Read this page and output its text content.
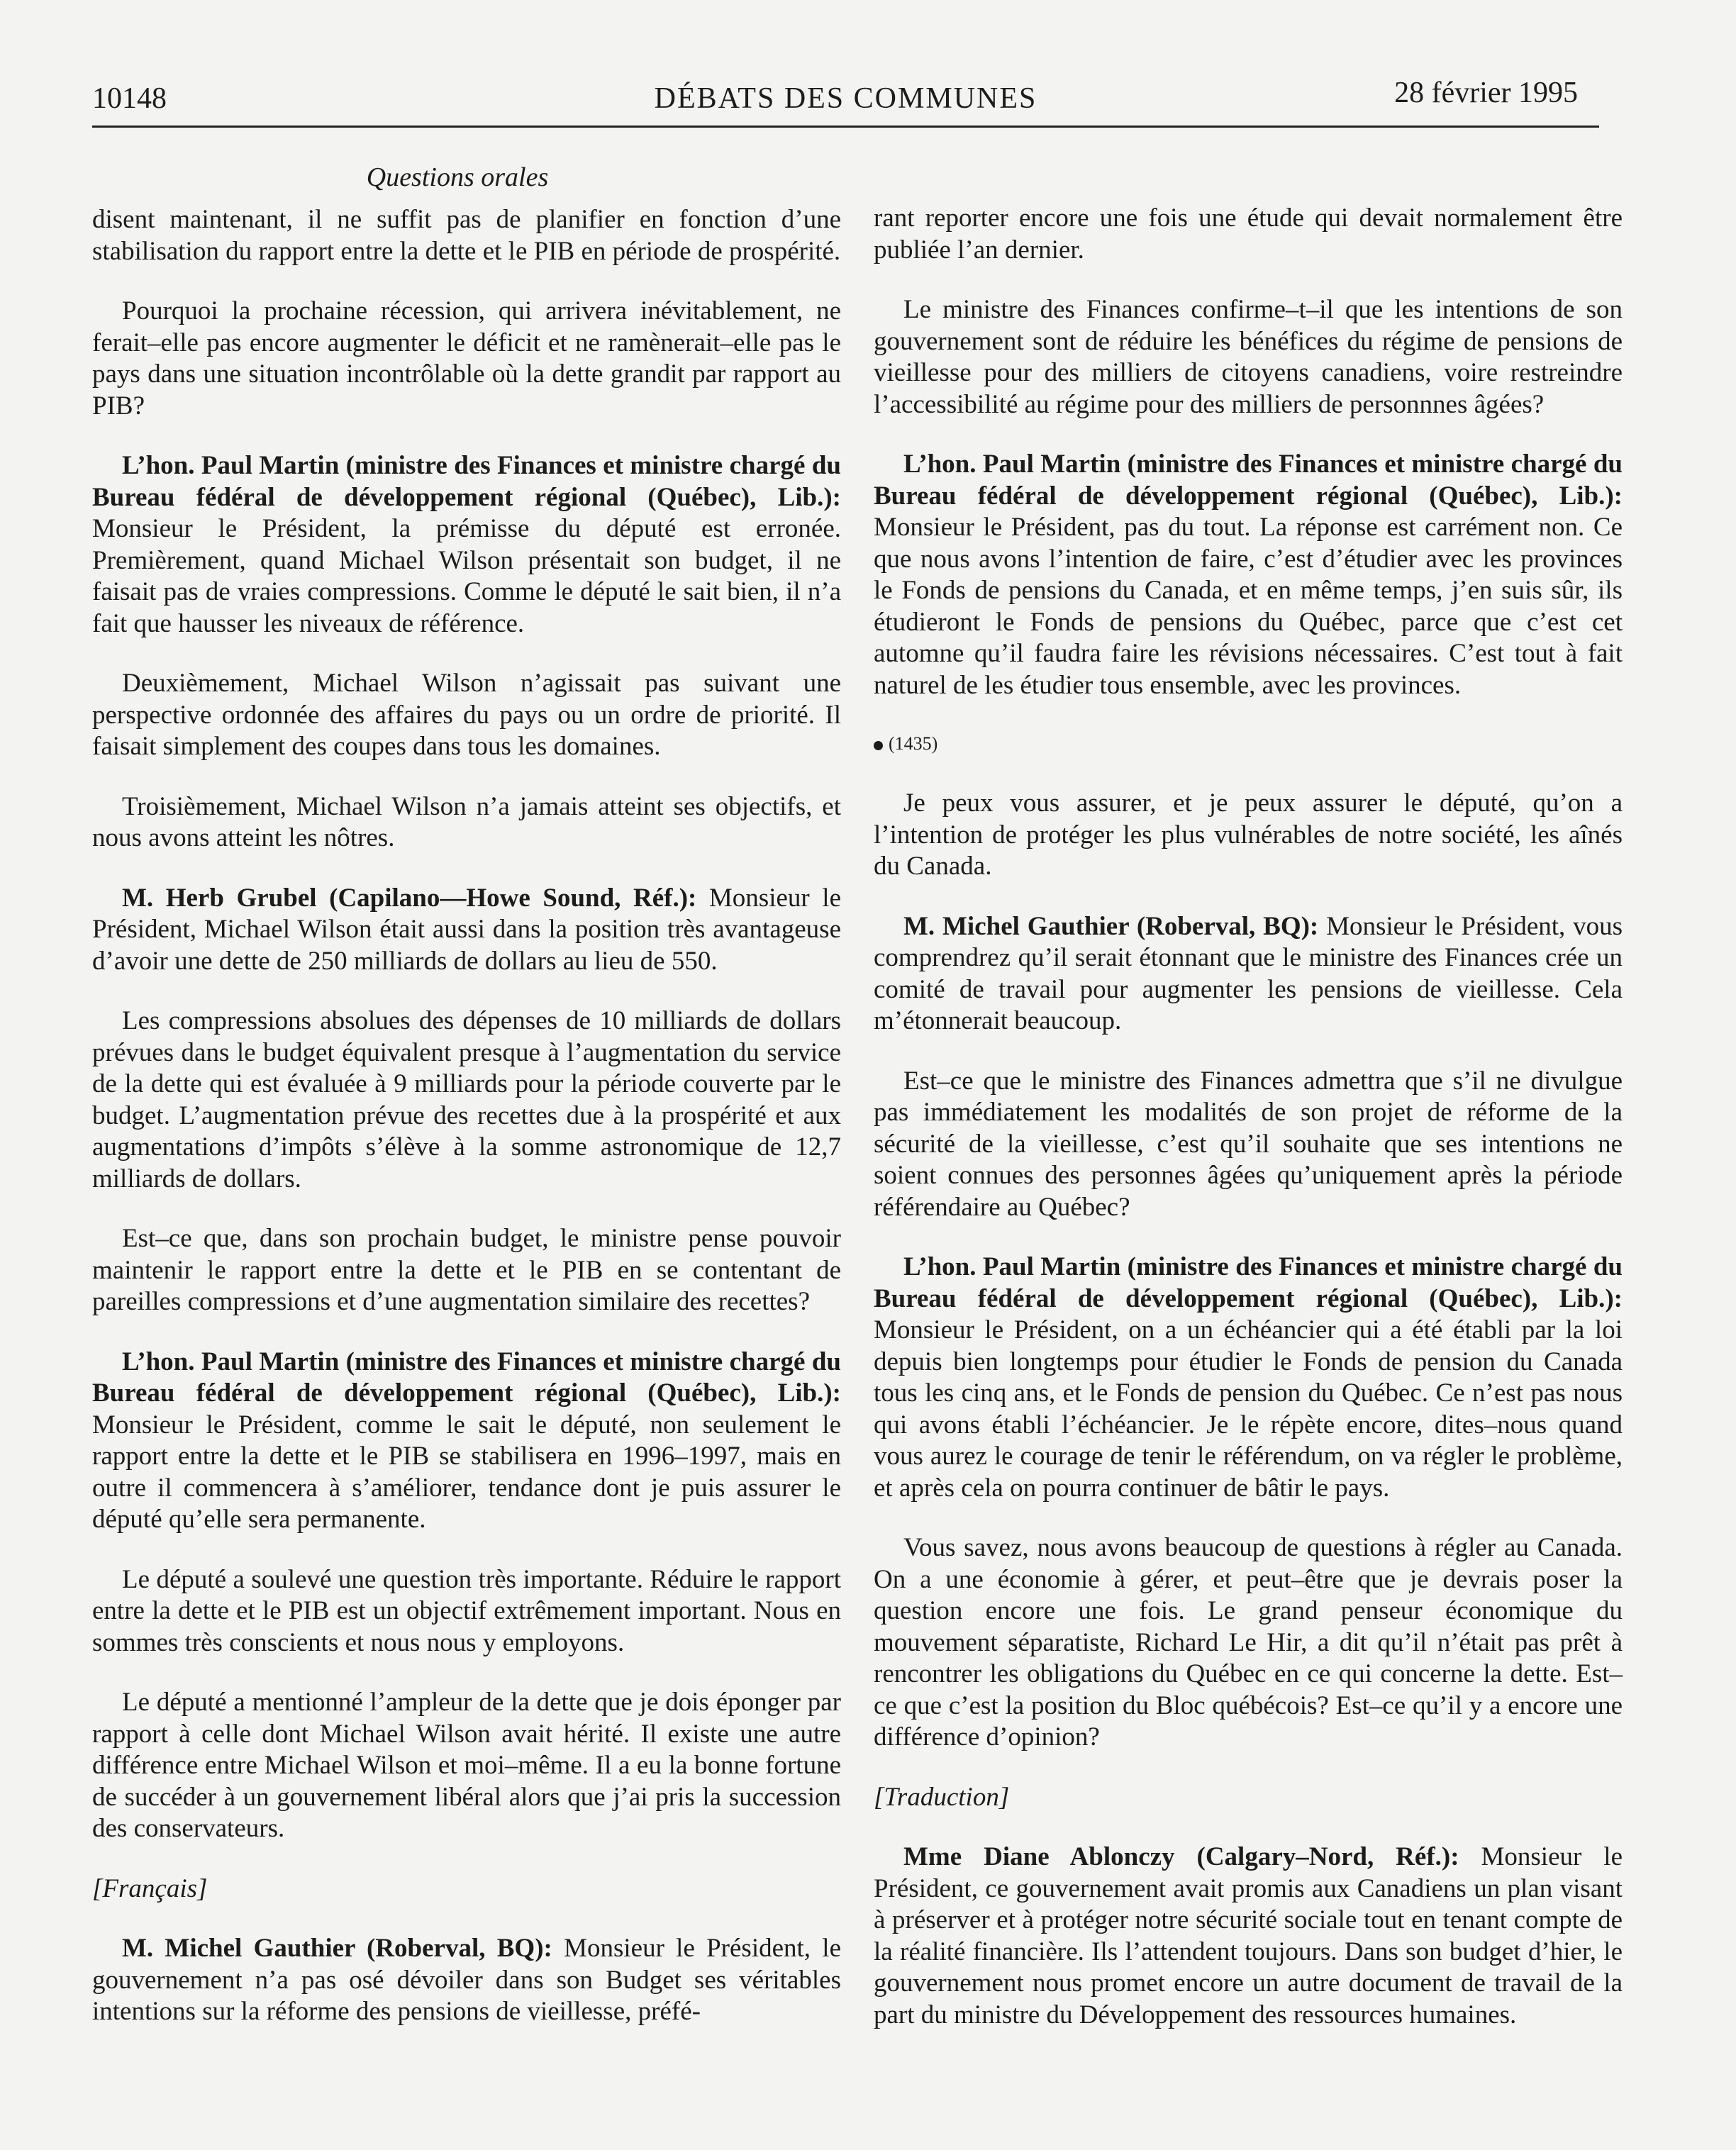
10148	DÉBATS DES COMMUNES	28 février 1995
Questions orales

disent maintenant, il ne suffit pas de planifier en fonction d’une stabilisation du rapport entre la dette et le PIB en période de prospérité.

Pourquoi la prochaine récession, qui arrivera inévitablement, ne ferait–elle pas encore augmenter le déficit et ne ramènerait–elle pas le pays dans une situation incontrôlable où la dette grandit par rapport au PIB?

L’hon. Paul Martin (ministre des Finances et ministre chargé du Bureau fédéral de développement régional (Québec), Lib.): Monsieur le Président, la prémisse du député est erronée. Premièrement, quand Michael Wilson présentait son budget, il ne faisait pas de vraies compressions. Comme le député le sait bien, il n’a fait que hausser les niveaux de référence.

Deuxièmement, Michael Wilson n’agissait pas suivant une perspective ordonnée des affaires du pays ou un ordre de priorité. Il faisait simplement des coupes dans tous les domaines.

Troisièmement, Michael Wilson n’a jamais atteint ses objectifs, et nous avons atteint les nôtres.

M. Herb Grubel (Capilano—Howe Sound, Réf.): Monsieur le Président, Michael Wilson était aussi dans la position très avantageuse d’avoir une dette de 250 milliards de dollars au lieu de 550.

Les compressions absolues des dépenses de 10 milliards de dollars prévues dans le budget équivalent presque à l’augmentation du service de la dette qui est évaluée à 9 milliards pour la période couverte par le budget. L’augmentation prévue des recettes due à la prospérité et aux augmentations d’impôts s’élève à la somme astronomique de 12,7 milliards de dollars.

Est–ce que, dans son prochain budget, le ministre pense pouvoir maintenir le rapport entre la dette et le PIB en se contentant de pareilles compressions et d’une augmentation similaire des recettes?

L’hon. Paul Martin (ministre des Finances et ministre chargé du Bureau fédéral de développement régional (Québec), Lib.): Monsieur le Président, comme le sait le député, non seulement le rapport entre la dette et le PIB se stabilisera en 1996–1997, mais en outre il commencera à s’améliorer, tendance dont je puis assurer le député qu’elle sera permanente.

Le député a soulevé une question très importante. Réduire le rapport entre la dette et le PIB est un objectif extrêmement important. Nous en sommes très conscients et nous nous y employons.

Le député a mentionné l’ampleur de la dette que je dois éponger par rapport à celle dont Michael Wilson avait hérité. Il existe une autre différence entre Michael Wilson et moi–même. Il a eu la bonne fortune de succéder à un gouvernement libéral alors que j’ai pris la succession des conservateurs.

[Français]

M. Michel Gauthier (Roberval, BQ): Monsieur le Président, le gouvernement n’a pas osé dévoiler dans son Budget ses véritables intentions sur la réforme des pensions de vieillesse, préfé-

rant reporter encore une fois une étude qui devait normalement être publiée l’an dernier.

Le ministre des Finances confirme–t–il que les intentions de son gouvernement sont de réduire les bénéfices du régime de pensions de vieillesse pour des milliers de citoyens canadiens, voire restreindre l’accessibilité au régime pour des milliers de personnnes âgées?

L’hon. Paul Martin (ministre des Finances et ministre chargé du Bureau fédéral de développement régional (Québec), Lib.): Monsieur le Président, pas du tout. La réponse est carrément non. Ce que nous avons l’intention de faire, c’est d’étudier avec les provinces le Fonds de pensions du Canada, et en même temps, j’en suis sûr, ils étudieront le Fonds de pensions du Québec, parce que c’est cet automne qu’il faudra faire les révisions nécessaires. C’est tout à fait naturel de les étudier tous ensemble, avec les provinces.

(1435)

Je peux vous assurer, et je peux assurer le député, qu’on a l’intention de protéger les plus vulnérables de notre société, les aînés du Canada.

M. Michel Gauthier (Roberval, BQ): Monsieur le Président, vous comprendrez qu’il serait étonnant que le ministre des Finances crée un comité de travail pour augmenter les pensions de vieillesse. Cela m’étonnerait beaucoup.

Est–ce que le ministre des Finances admettra que s’il ne divulgue pas immédiatement les modalités de son projet de réforme de la sécurité de la vieillesse, c’est qu’il souhaite que ses intentions ne soient connues des personnes âgées qu’uniquement après la période référendaire au Québec?

L’hon. Paul Martin (ministre des Finances et ministre chargé du Bureau fédéral de développement régional (Québec), Lib.): Monsieur le Président, on a un échéancier qui a été établi par la loi depuis bien longtemps pour étudier le Fonds de pension du Canada tous les cinq ans, et le Fonds de pension du Québec. Ce n’est pas nous qui avons établi l’échéancier. Je le répète encore, dites–nous quand vous aurez le courage de tenir le référendum, on va régler le problème, et après cela on pourra continuer de bâtir le pays.

Vous savez, nous avons beaucoup de questions à régler au Canada. On a une économie à gérer, et peut–être que je devrais poser la question encore une fois. Le grand penseur économique du mouvement séparatiste, Richard Le Hir, a dit qu’il n’était pas prêt à rencontrer les obligations du Québec en ce qui concerne la dette. Est–ce que c’est la position du Bloc québécois? Est–ce qu’il y a encore une différence d’opinion?

[Traduction]

Mme Diane Ablonczy (Calgary–Nord, Réf.): Monsieur le Président, ce gouvernement avait promis aux Canadiens un plan visant à préserver et à protéger notre sécurité sociale tout en tenant compte de la réalité financière. Ils l’attendent toujours. Dans son budget d’hier, le gouvernement nous promet encore un autre document de travail de la part du ministre du Développement des ressources humaines.
